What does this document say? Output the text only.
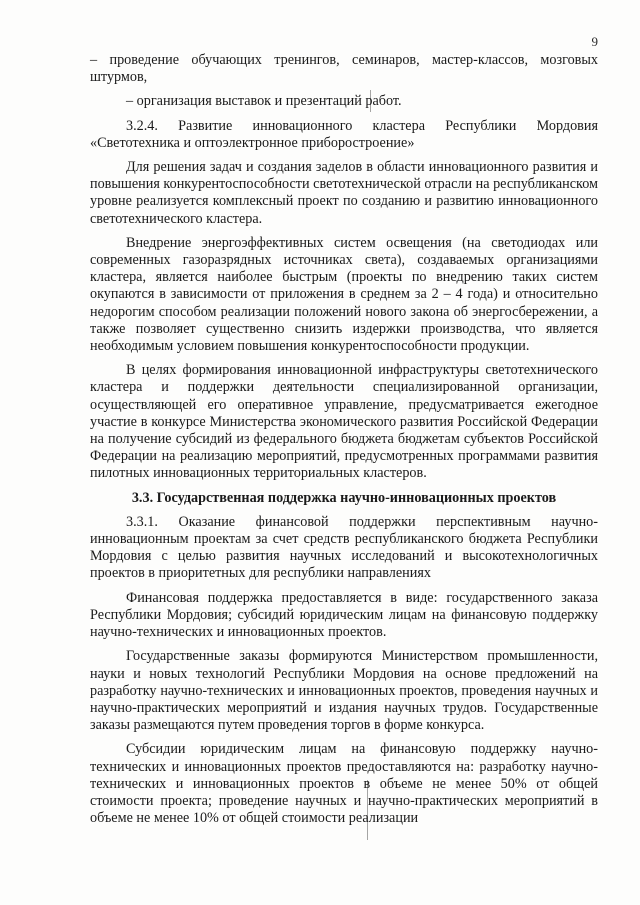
9

– проведение обучающих тренингов, семинаров, мастер-классов, мозговых штурмов,

– организация выставок и презентаций работ.

3.2.4. Развитие инновационного кластера Республики Мордовия «Светотехника и оптоэлектронное приборостроение»

Для решения задач и создания заделов в области инновационного развития и повышения конкурентоспособности светотехнической отрасли на республиканском уровне реализуется комплексный проект по созданию и развитию инновационного светотехнического кластера.

Внедрение энергоэффективных систем освещения (на светодиодах или современных газоразрядных источниках света), создаваемых организациями кластера, является наиболее быстрым (проекты по внедрению таких систем окупаются в зависимости от приложения в среднем за 2 – 4 года) и относительно недорогим способом реализации положений нового закона об энергосбережении, а также позволяет существенно снизить издержки производства, что является необходимым условием повышения конкурентоспособности продукции.

В целях формирования инновационной инфраструктуры светотехнического кластера и поддержки деятельности специализированной организации, осуществляющей его оперативное управление, предусматривается ежегодное участие в конкурсе Министерства экономического развития Российской Федерации на получение субсидий из федерального бюджета бюджетам субъектов Российской Федерации на реализацию мероприятий, предусмотренных программами развития пилотных инновационных территориальных кластеров.

3.3. Государственная поддержка научно-инновационных проектов

3.3.1. Оказание финансовой поддержки перспективным научно-инновационным проектам за счет средств республиканского бюджета Республики Мордовия с целью развития научных исследований и высокотехнологичных проектов в приоритетных для республики направлениях

Финансовая поддержка предоставляется в виде: государственного заказа Республики Мордовия; субсидий юридическим лицам на финансовую поддержку научно-технических и инновационных проектов.

Государственные заказы формируются Министерством промышленности, науки и новых технологий Республики Мордовия на основе предложений на разработку научно-технических и инновационных проектов, проведения научных и научно-практических мероприятий и издания научных трудов. Государственные заказы размещаются путем проведения торгов в форме конкурса.

Субсидии юридическим лицам на финансовую поддержку научно-технических и инновационных проектов предоставляются на: разработку научно-технических и инновационных проектов в объеме не менее 50% от общей стоимости проекта; проведение научных и научно-практических мероприятий в объеме не менее 10% от общей стоимости реализации
